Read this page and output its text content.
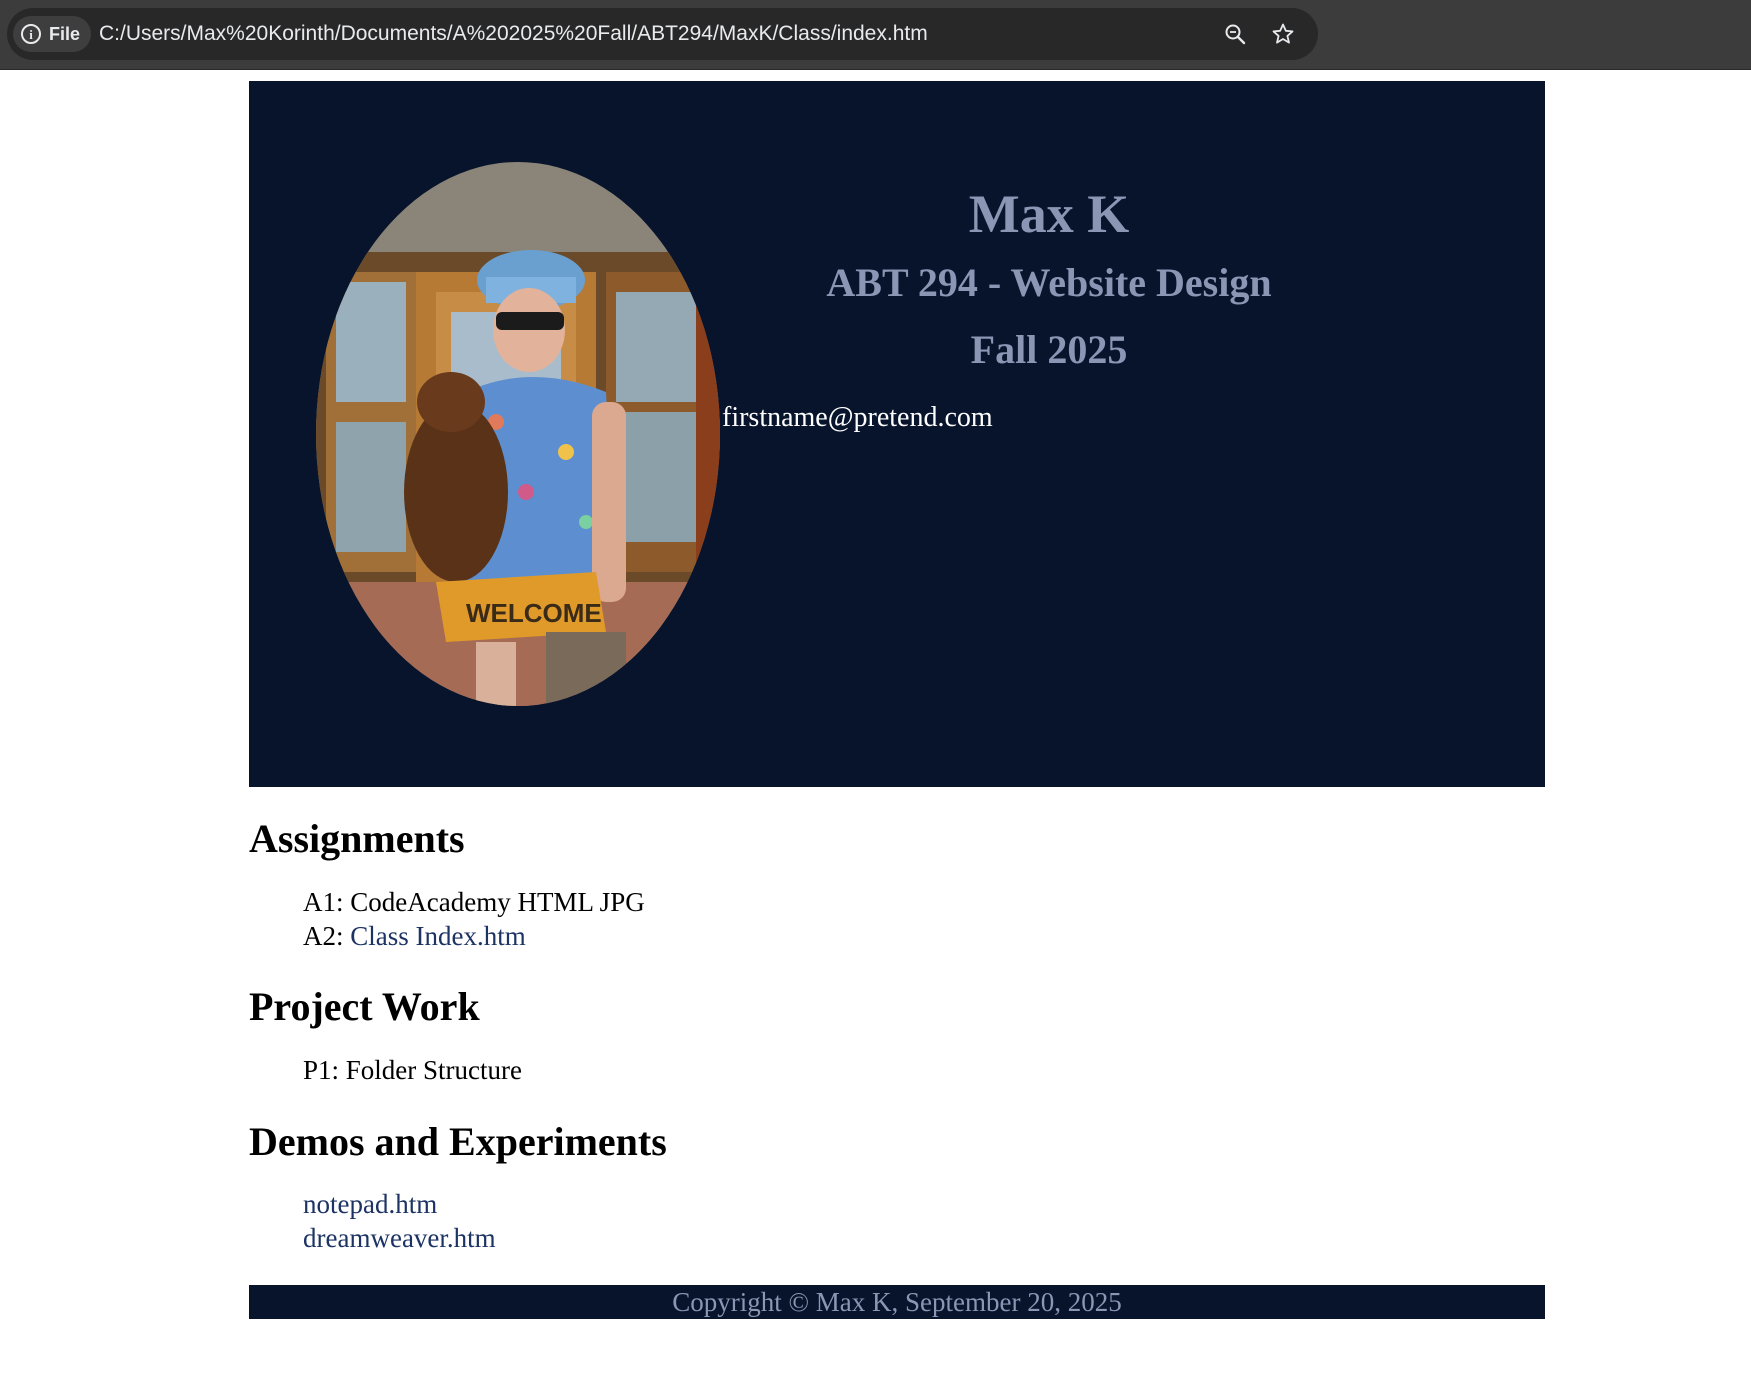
i File C:/Users/Max%20Korinth/Documents/A%202025%20Fall/ABT294/MaxK/Class/index.htm
WELCOME
Max K
ABT 294 - Website Design
Fall 2025
firstname@pretend.com
Assignments
A1: CodeAcademy HTML JPG
A2: Class Index.htm
Project Work
P1: Folder Structure
Demos and Experiments
notepad.htm
dreamweaver.htm
Copyright © Max K, September 20, 2025
